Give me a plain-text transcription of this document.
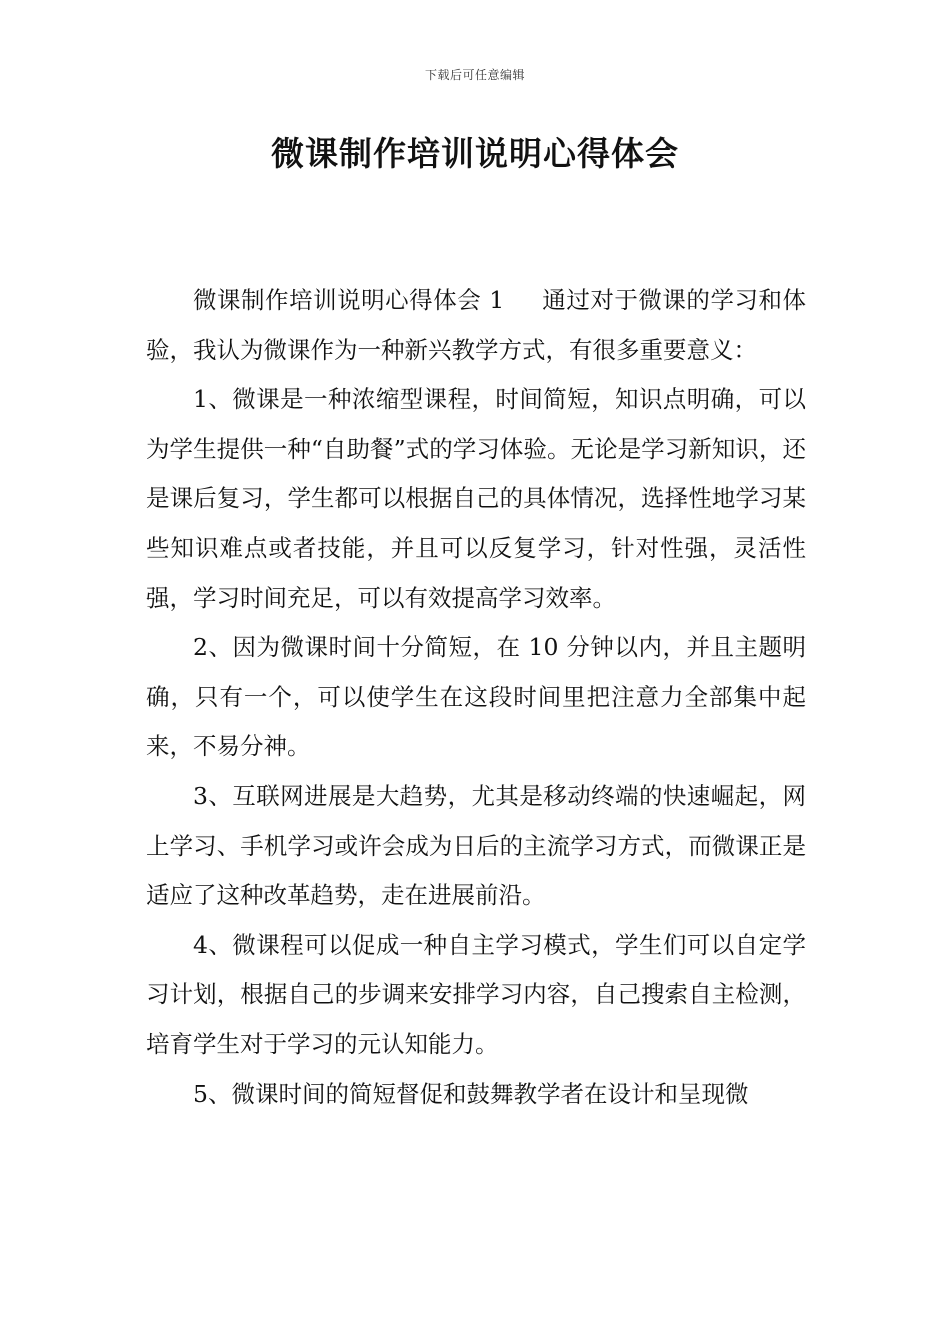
下载后可任意编辑
微课制作培训说明心得体会

微课制作培训说明心得体会 1 通过对于微课的学习和体验，我认为微课作为一种新兴教学方式，有很多重要意义：

1、微课是一种浓缩型课程，时间简短，知识点明确，可以为学生提供一种“自助餐”式的学习体验。无论是学习新知识，还是课后复习，学生都可以根据自己的具体情况，选择性地学习某些知识难点或者技能，并且可以反复学习，针对性强，灵活性强，学习时间充足，可以有效提高学习效率。

2、因为微课时间十分简短，在 10 分钟以内，并且主题明确，只有一个，可以使学生在这段时间里把注意力全部集中起来，不易分神。

3、互联网进展是大趋势，尤其是移动终端的快速崛起，网上学习、手机学习或许会成为日后的主流学习方式，而微课正是适应了这种改革趋势，走在进展前沿。

4、微课程可以促成一种自主学习模式，学生们可以自定学习计划，根据自己的步调来安排学习内容，自己搜索自主检测，培育学生对于学习的元认知能力。

5、微课时间的简短督促和鼓舞教学者在设计和呈现微
